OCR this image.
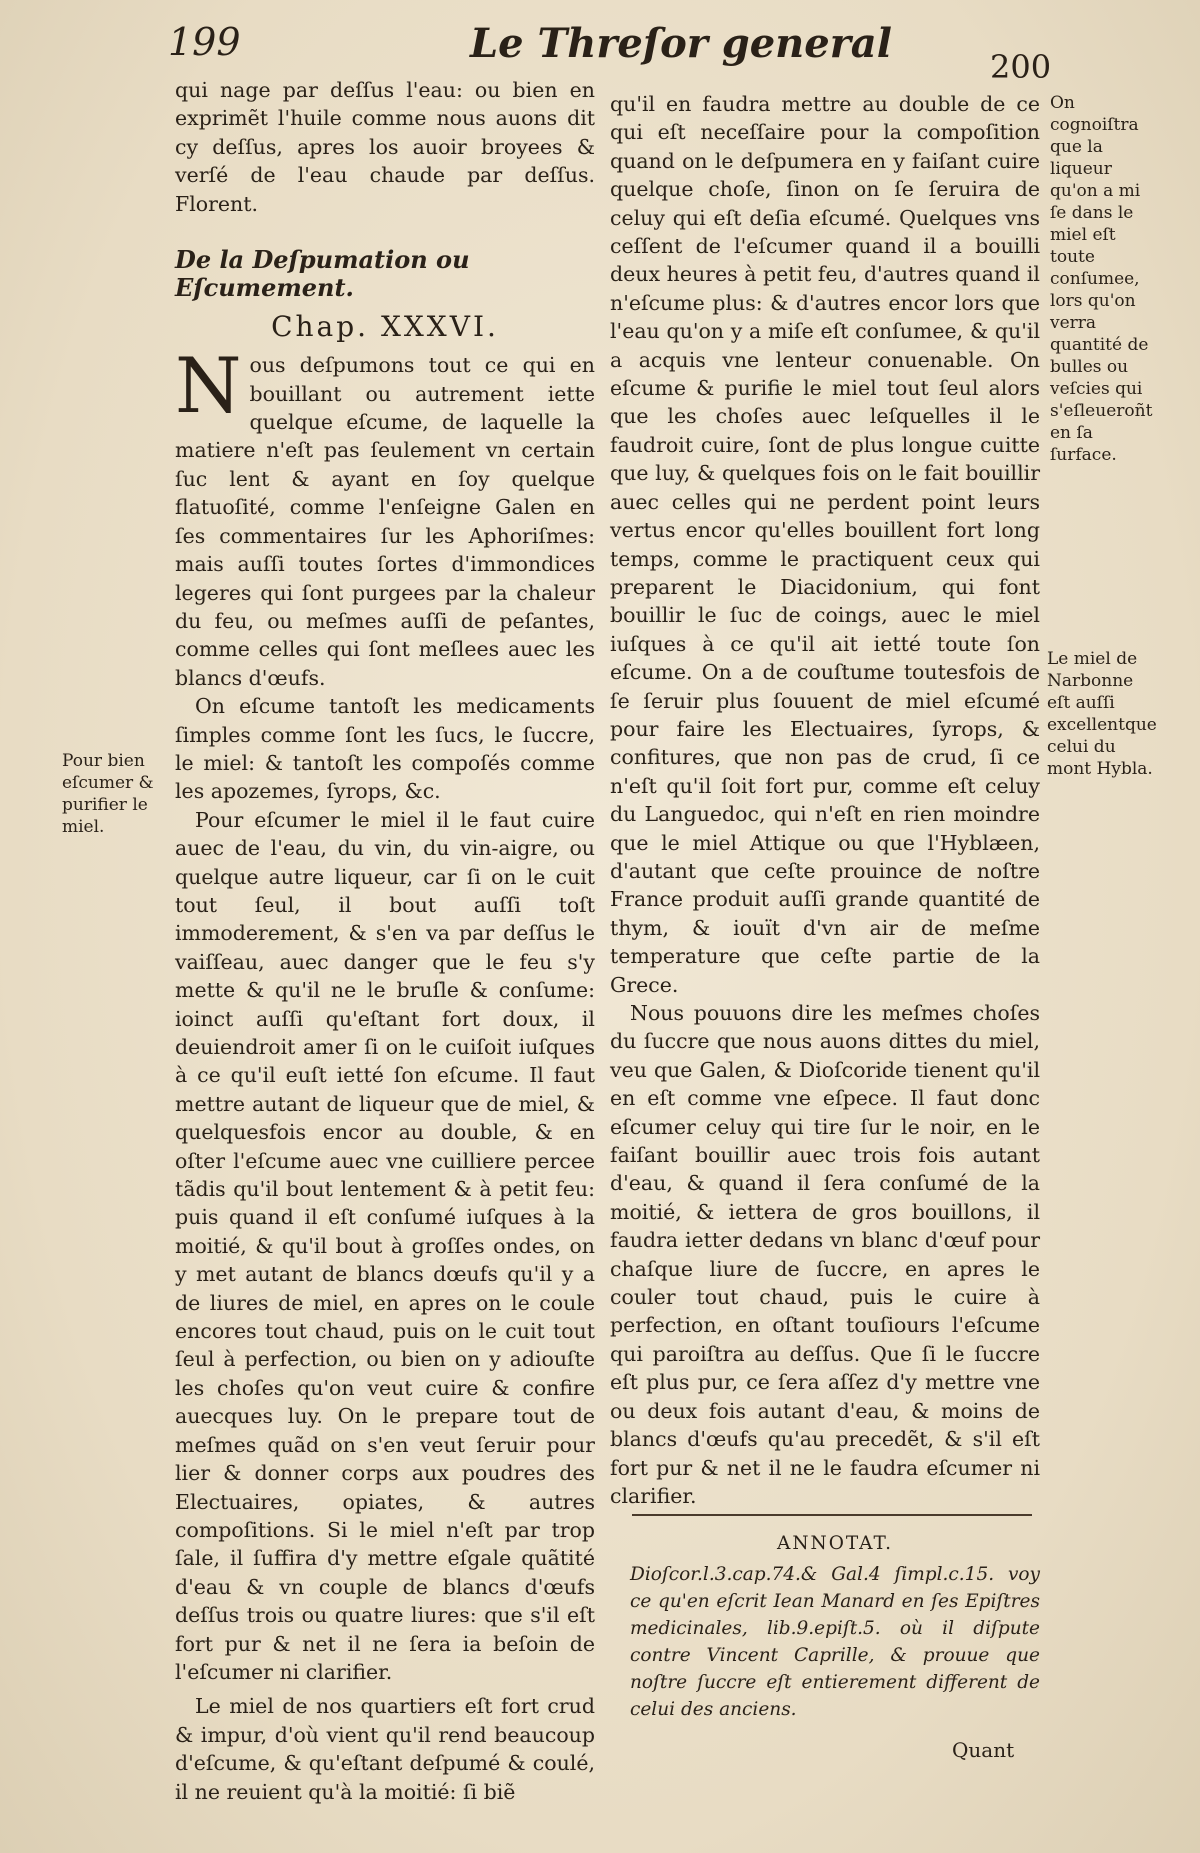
199	Le Threſor general	200

qui nage par deſſus l'eau: ou bien en exprimẽt l'huile comme nous auons dit cy deſſus, apres los auoir broyees & verſé de l'eau chaude par deſſus. Florent.

De la Deſpumation ou Eſcumement.
Chap. XXXVI.
N ous deſpumons tout ce qui en bouillant ou autrement iette quelque eſcume, de laquelle la matiere n'eſt pas ſeulement vn certain ſuc lent & ayant en ſoy quelque flatuoſité, comme l'enſeigne Galen en ſes commentaires ſur les Aphoriſmes: mais auſſi toutes ſortes d'immondices legeres qui ſont purgees par la chaleur du feu, ou meſmes auſſi de peſantes, comme celles qui ſont meſlees auec les blancs d'œufs.

On eſcume tantoſt les medicaments ſimples comme ſont les ſucs, le ſuccre, le miel: & tantoſt les compoſés comme les apozemes, ſyrops, &c.

Pour eſcumer le miel il le faut cuire auec de l'eau, du vin, du vin-aigre, ou quelque autre liqueur, car ſi on le cuit tout ſeul, il bout auſſi toſt immoderement, & s'en va par deſſus le vaiſſeau, auec danger que le feu s'y mette & qu'il ne le bruſle & conſume: ioinct auſſi qu'eſtant fort doux, il deuiendroit amer ſi on le cuiſoit iuſques à ce qu'il euſt ietté ſon eſcume. Il faut mettre autant de liqueur que de miel, & quelquesfois encor au double, & en oſter l'eſcume auec vne cuilliere percee tãdis qu'il bout lentement & à petit feu: puis quand il eſt conſumé iuſques à la moitié, & qu'il bout à groſſes ondes, on y met autant de blancs dœufs qu'il y a de liures de miel, en apres on le coule encores tout chaud, puis on le cuit tout ſeul à perfection, ou bien on y adiouſte les choſes qu'on veut cuire & confire auecques luy. On le prepare tout de meſmes quãd on s'en veut ſeruir pour lier & donner corps aux poudres des Electuaires, opiates, & autres compoſitions. Si le miel n'eſt par trop ſale, il ſuffira d'y mettre eſgale quãtité d'eau & vn couple de blancs d'œufs deſſus trois ou quatre liures: que s'il eſt fort pur & net il ne ſera ia beſoin de l'eſcumer ni clarifier.

Le miel de nos quartiers eſt fort crud & impur, d'où vient qu'il rend beaucoup d'eſcume, & qu'eſtant deſpumé & coulé, il ne reuient qu'à la moitié: ſi biẽ

qu'il en faudra mettre au double de ce qui eſt neceſſaire pour la compoſition quand on le deſpumera en y faiſant cuire quelque choſe, ſinon on ſe ſeruira de celuy qui eſt deſia eſcumé. Quelques vns ceſſent de l'eſcumer quand il a bouilli deux heures à petit feu, d'autres quand il n'eſcume plus: & d'autres encor lors que l'eau qu'on y a miſe eſt conſumee, & qu'il a acquis vne lenteur conuenable. On eſcume & purifie le miel tout ſeul alors que les choſes auec leſquelles il le faudroit cuire, ſont de plus longue cuitte que luy, & quelques fois on le fait bouillir auec celles qui ne perdent point leurs vertus encor qu'elles bouillent fort long temps, comme le practiquent ceux qui preparent le Diacidonium, qui font bouillir le ſuc de coings, auec le miel iuſques à ce qu'il ait ietté toute ſon eſcume. On a de couſtume toutesfois de ſe ſeruir plus ſouuent de miel eſcumé pour faire les Electuaires, ſyrops, & confitures, que non pas de crud, ſi ce n'eſt qu'il ſoit fort pur, comme eſt celuy du Languedoc, qui n'eſt en rien moindre que le miel Attique ou que l'Hyblæen, d'autant que ceſte prouince de noſtre France produit auſſi grande quantité de thym, & iouït d'vn air de meſme temperature que ceſte partie de la Grece.

Nous pouuons dire les meſmes choſes du ſuccre que nous auons dittes du miel, veu que Galen, & Dioſcoride tienent qu'il en eſt comme vne eſpece. Il faut donc eſcumer celuy qui tire ſur le noir, en le faiſant bouillir auec trois fois autant d'eau, & quand il ſera conſumé de la moitié, & iettera de gros bouillons, il faudra ietter dedans vn blanc d'œuf pour chaſque liure de ſuccre, en apres le couler tout chaud, puis le cuire à perfection, en oſtant touſiours l'eſcume qui paroiſtra au deſſus. Que ſi le ſuccre eſt plus pur, ce ſera aſſez d'y mettre vne ou deux fois autant d'eau, & moins de blancs d'œufs qu'au precedẽt, & s'il eſt fort pur & net il ne le faudra eſcumer ni clarifier.

Pour bien eſcumer & purifier le miel.
On cognoiſtra que la liqueur qu'on a mi ſe dans le miel eſt toute conſumee, lors qu'on verra quantité de bulles ou veſcies qui s'eſleueroñt en ſa ſurface.
Le miel de Narbonne eſt auſſi excellentque celui du mont Hybla.
ANNOTAT.
Dioſcor.l.3.cap.74.& Gal.4 ſimpl.c.15. voy ce qu'en eſcrit Iean Manard en ſes Epiſtres medicinales, lib.9.epiſt.5. où il diſpute contre Vincent Caprille, & prouue que noſtre ſuccre eſt entierement different de celui des anciens.
Quant
